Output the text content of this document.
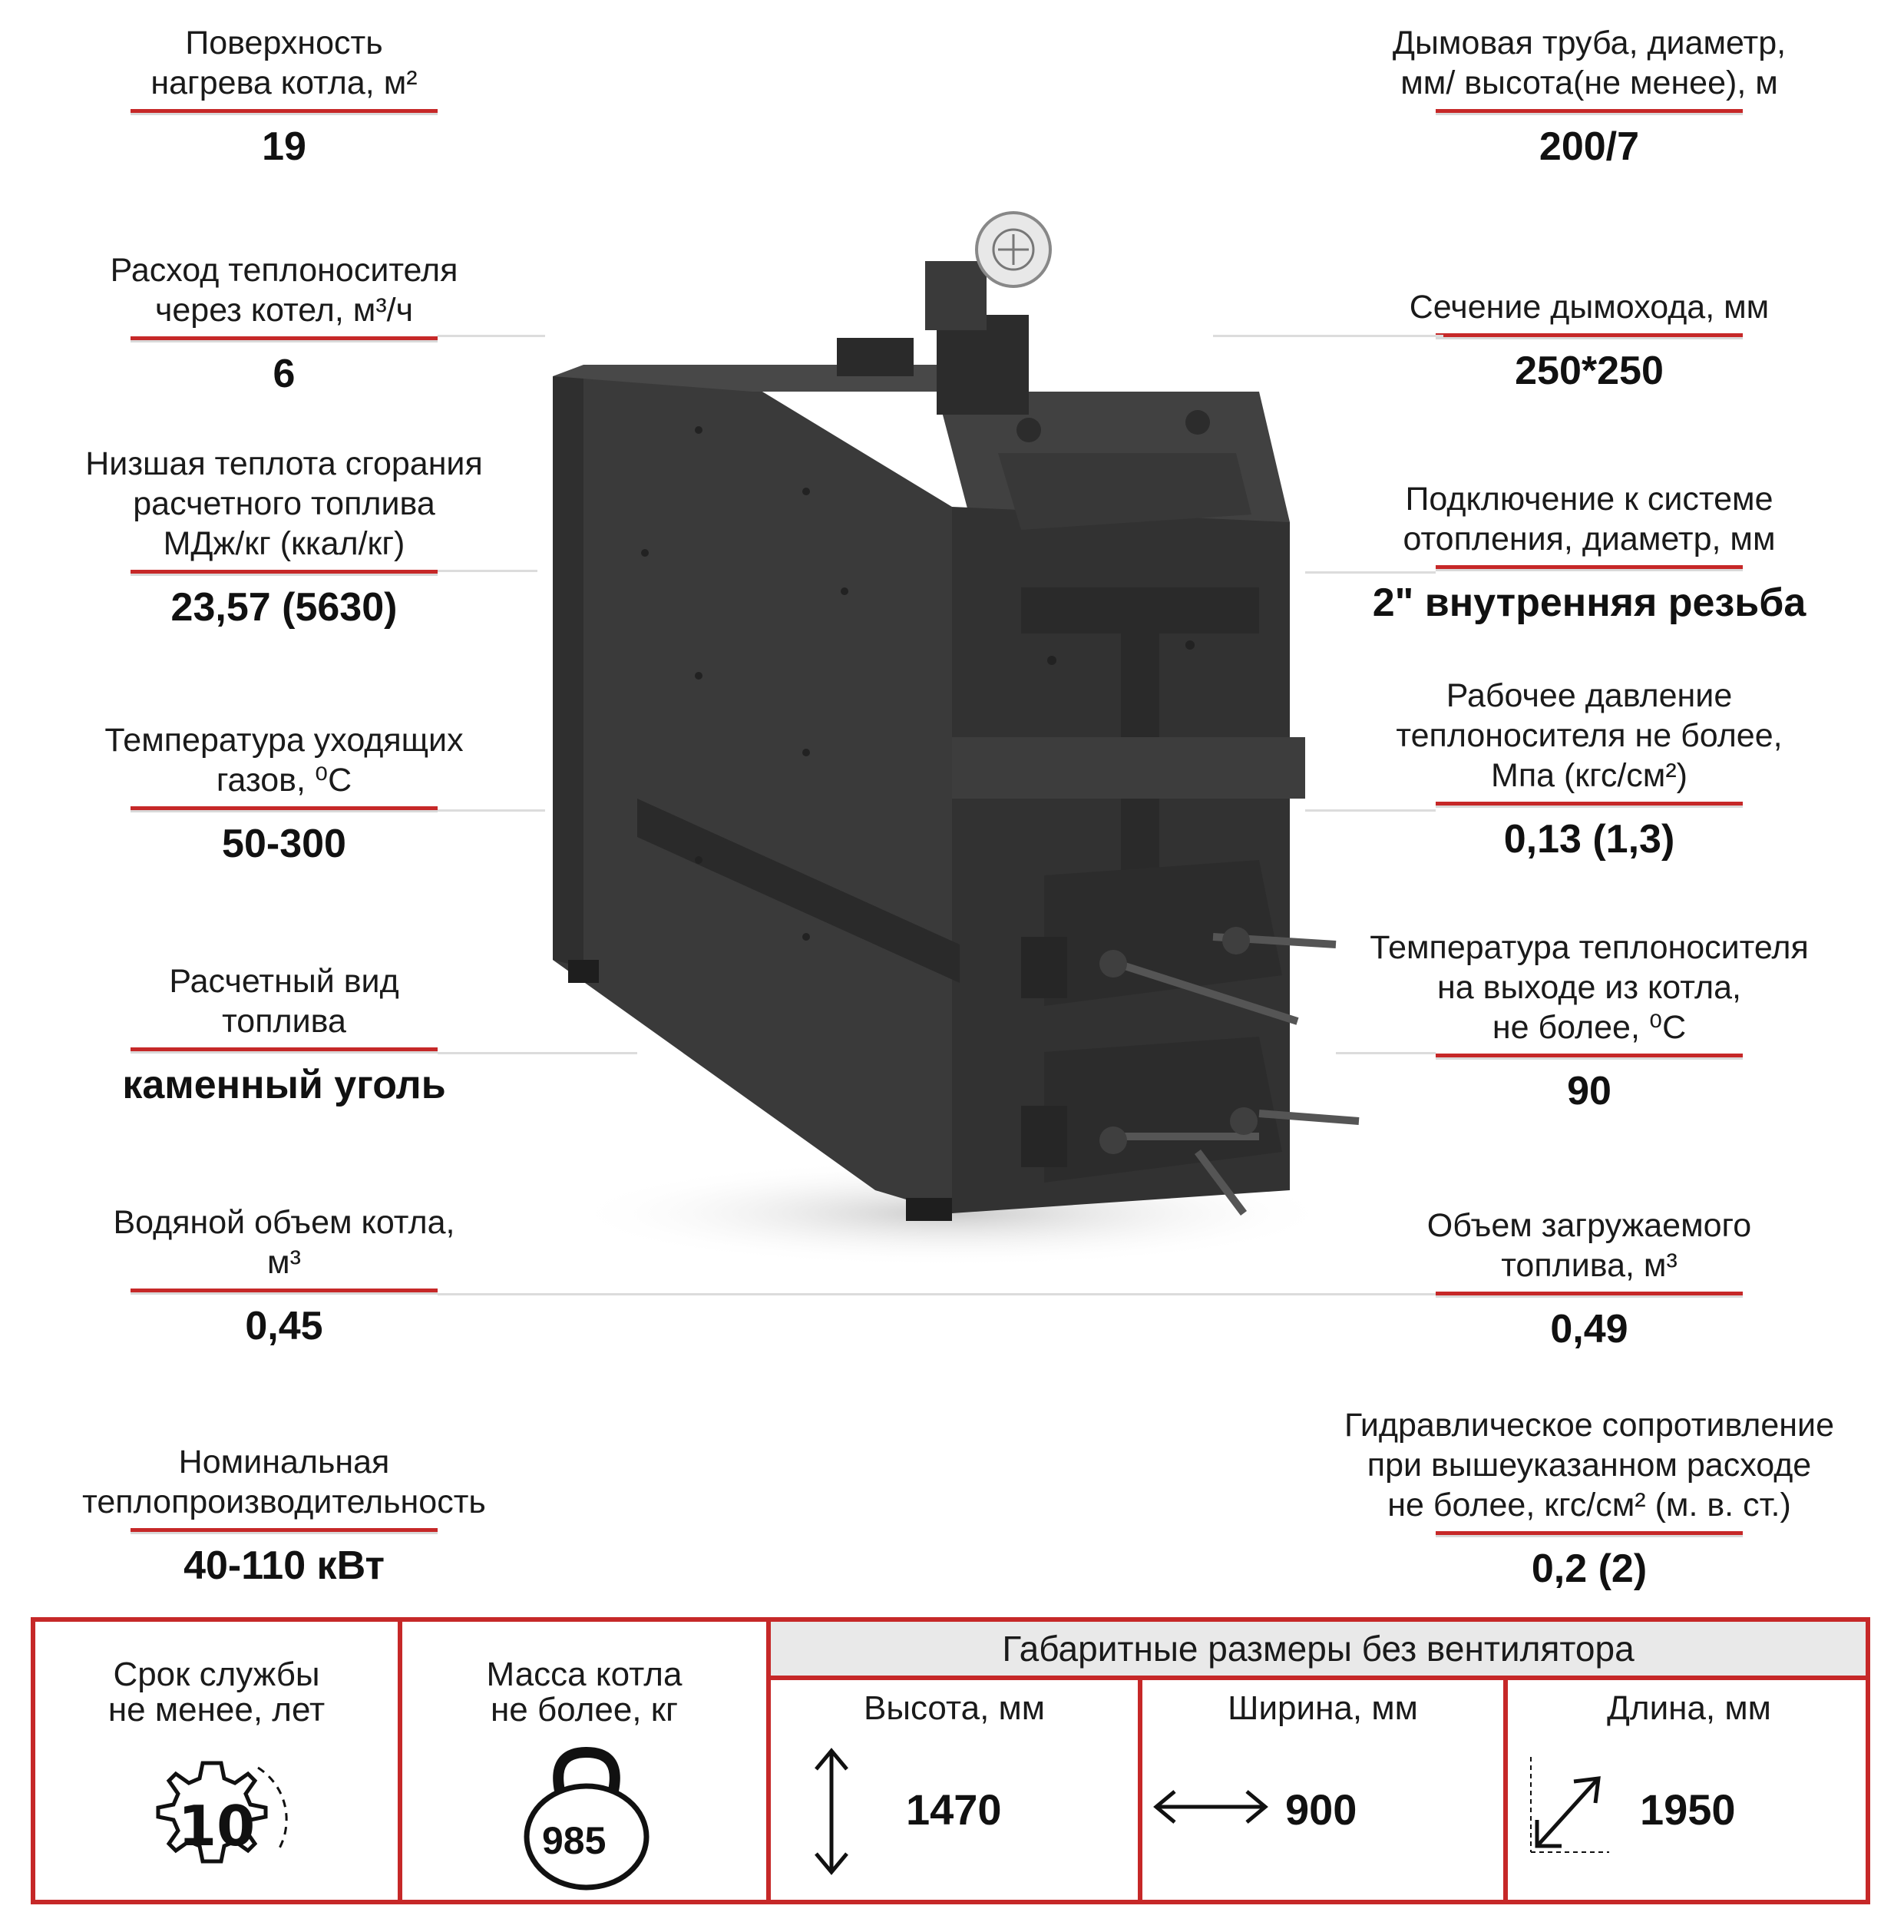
Поверхность
нагрева котла, м²
19
Расход теплоносителя
через котел, м³/ч
6
Низшая теплота сгорания
расчетного топлива
МДж/кг (ккал/кг)
23,57 (5630)
Температура уходящих
газов, ⁰С
50-300
Расчетный вид
топлива
каменный уголь
Водяной объем котла,
м³
0,45
Номинальная
теплопроизводительность
40-110 кВт
Дымовая труба, диаметр,
мм/ высота(не менее), м
200/7
Сечение дымохода, мм
250*250
Подключение к системе
отопления, диаметр, мм
2" внутренняя резьба
Рабочее давление
теплоносителя не более,
Мпа (кгс/см²)
0,13 (1,3)
Температура теплоносителя
на выходе из котла,
не более, ⁰С
90
Объем загружаемого
топлива, м³
0,49
Гидравлическое сопротивление
при вышеуказанном расходе
не более, кгс/см² (м. в. ст.)
0,2 (2)
Срок службы
не менее, лет
10
Масса котла
не более, кг
985
Габаритные размеры без вентилятора
Высота, мм
1470
Ширина, мм
900
Длина, мм
1950
